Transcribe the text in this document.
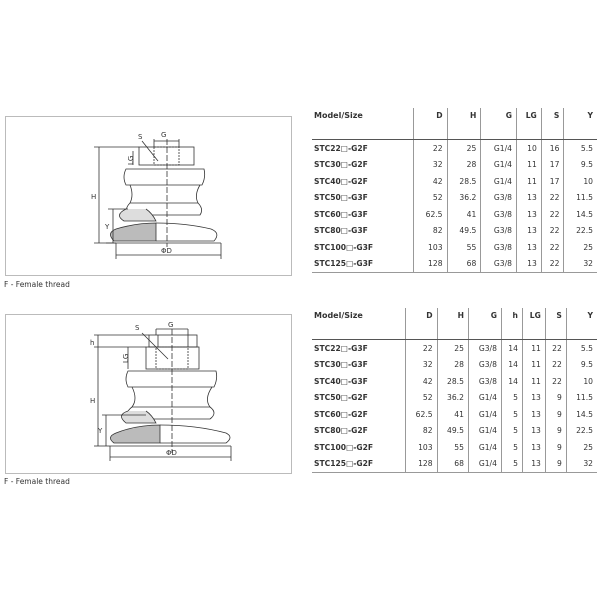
G
S
LG
H
Y
ΦD
F - Female thread
Model/Size	D	H	G	LG	S	Y
STC22□-G2F	22	25	G1/4	10	16	5.5
STC30□-G2F	32	28	G1/4	11	17	9.5
STC40□-G2F	42	28.5	G1/4	11	17	10
STC50□-G3F	52	36.2	G3/8	13	22	11.5
STC60□-G3F	62.5	41	G3/8	13	22	14.5
STC80□-G3F	82	49.5	G3/8	13	22	22.5
STC100□-G3F	103	55	G3/8	13	22	25
STC125□-G3F	128	68	G3/8	13	22	32
G
S
h
LG
H
Y
ΦD
F - Female thread
Model/Size	D	H	G	h	LG	S	Y
STC22□-G3F	22	25	G3/8	14	11	22	5.5
STC30□-G3F	32	28	G3/8	14	11	22	9.5
STC40□-G3F	42	28.5	G3/8	14	11	22	10
STC50□-G2F	52	36.2	G1/4	5	13	9	11.5
STC60□-G2F	62.5	41	G1/4	5	13	9	14.5
STC80□-G2F	82	49.5	G1/4	5	13	9	22.5
STC100□-G2F	103	55	G1/4	5	13	9	25
STC125□-G2F	128	68	G1/4	5	13	9	32
